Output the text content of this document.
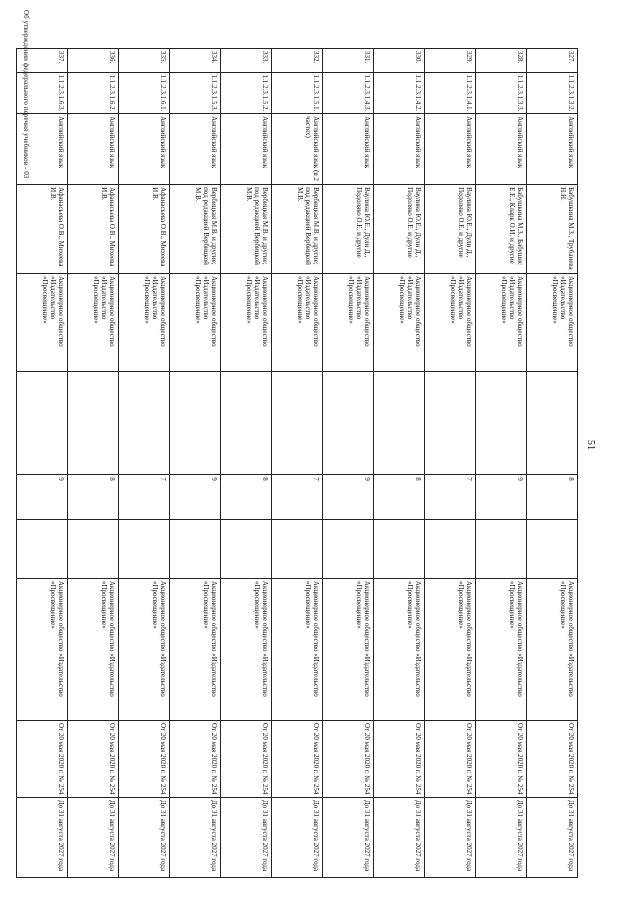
51
327.	1.1.2.3.1.3.2.	Английский язык	Бабушкина М.З., Трубанева Н.Н.	Акционерное общество «Издательство «Просвещение»		8		Акционерное общество «Издательство «Просвещение»	От 20 мая 2020 г. № 254	До 31 августа 2027 года

328.	1.1.2.3.1.3.3.	Английский язык	Бабушкина М.З., Бабушис Е.Е., Кларк О.И. и другие	Акционерное общество «Издательство «Просвещение»		9		Акционерное общество «Издательство «Просвещение»	От 20 мая 2020 г. № 254	До 31 августа 2027 года

329.	1.1.2.3.1.4.1.	Английский язык	Ваулина Ю.Е., Дули Д., Подоляко О.Е. и другие	Акционерное общество «Издательство «Просвещение»		7		Акционерное общество «Издательство «Просвещение»	От 20 мая 2020 г. № 254	До 31 августа 2027 года

330.	1.1.2.3.1.4.2.	Английский язык	Ваулина Ю.Е., Дули Д., Подоляко О.Е. и другие	Акционерное общество «Издательство «Просвещение»		8		Акционерное общество «Издательство «Просвещение»	От 20 мая 2020 г. № 254	До 31 августа 2027 года

331.	1.1.2.3.1.4.3.	Английский язык	Ваулина Ю.Е., Дули Д., Подоляко О.Е. и другие	Акционерное общество «Издательство «Просвещение»		9		Акционерное общество «Издательство «Просвещение»	От 20 мая 2020 г. № 254	До 31 августа 2027 года

332.	1.1.2.3.1.5.1.	Английский язык (в 2 частях)	Вербицкая М.В. и другие; под редакцией Вербицкой М.В.	Акционерное общество «Издательство «Просвещение»		7		Акционерное общество «Издательство «Просвещение»	От 20 мая 2020 г. № 254	До 31 августа 2027 года

333.	1.1.2.3.1.5.2.	Английский язык	Вербицкая М.В. и другие; под редакцией Вербицкой М.В.	Акционерное общество «Издательство «Просвещение»		8		Акционерное общество «Издательство «Просвещение»	От 20 мая 2020 г. № 254	До 31 августа 2027 года

334.	1.1.2.3.1.5.3.	Английский язык	Вербицкая М.В. и другие; под редакцией Вербицкой М.В.	Акционерное общество «Издательство «Просвещение»		9		Акционерное общество «Издательство «Просвещение»	От 20 мая 2020 г. № 254	До 31 августа 2027 года

335.	1.1.2.3.1.6.1.	Английский язык	Афанасьева О.В., Михеева И.В.	Акционерное общество «Издательство «Просвещение»		7		Акционерное общество «Издательство «Просвещение»	От 20 мая 2020 г. № 254	До 31 августа 2027 года

336.	1.1.2.3.1.6.2.	Английский язык	Афанасьева О.В., Михеева И.В.	Акционерное общество «Издательство «Просвещение»		8		Акционерное общество «Издательство «Просвещение»	От 20 мая 2020 г. № 254	До 31 августа 2027 года

337.	1.1.2.3.1.6.3.	Английский язык	Афанасьева О.В., Михеева И.В.	Акционерное общество «Издательство «Просвещение»		9		Акционерное общество «Издательство «Просвещение»	От 20 мая 2020 г. № 254	До 31 августа 2027 года
Об утверждении федерального перечня учебников - 03
